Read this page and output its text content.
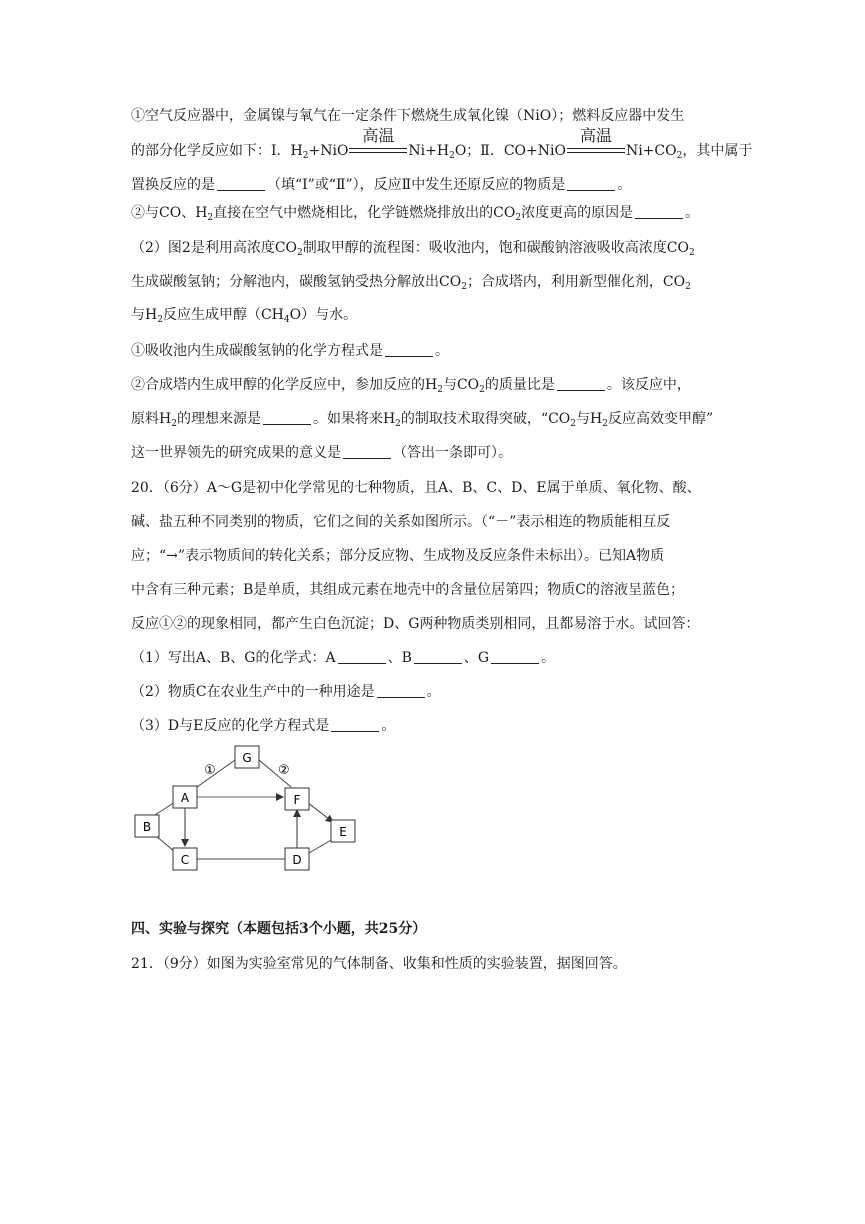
①空气反应器中，金属镍与氧气在一定条件下燃烧生成氧化镍（NiO）；燃料反应器中发生
的部分化学反应如下：Ⅰ．$H_2+NiO$
高温
$Ni+H_2O$；Ⅱ．CO+NiO
高温
$Ni+CO_2$，其中属于
置换反应的是	（填“Ⅰ”或“Ⅱ”），反应Ⅱ中发生还原反应的物质是	。
②与CO、$H_2$直接在空气中燃烧相比，化学链燃烧排放出的$CO_2$浓度更高的原因是	。
（2）图2是利用高浓度$CO_2$制取甲醇的流程图：吸收池内，饱和碳酸钠溶液吸收高浓度$CO_2$
生成碳酸氢钠；分解池内，碳酸氢钠受热分解放出$CO_2$；合成塔内，利用新型催化剂，$CO_2$
与$H_2$反应生成甲醇$(CH_4O)$与水。
①吸收池内生成碳酸氢钠的化学方程式是	。
②合成塔内生成甲醇的化学反应中，参加反应的$H_2$与$CO_2$的质量比是	。该反应中，
原料$H_2$的理想来源是	。如果将来$H_2$的制取技术取得突破，“$CO_2$与$H_2$反应高效变甲醇”
这一世界领先的研究成果的意义是	（答出一条即可）。
20．（6分）A～G是初中化学常见的七种物质，且A、B、C、D、E属于单质、氧化物、酸、
碱、盐五种不同类别的物质，它们之间的关系如图所示。（“－”表示相连的物质能相互反
应；“→”表示物质间的转化关系；部分反应物、生成物及反应条件未标出）。已知A物质
中含有三种元素；B是单质，其组成元素在地壳中的含量位居第四；物质C的溶液呈蓝色；
反应①②的现象相同，都产生白色沉淀；D、G两种物质类别相同，且都易溶于水。试回答：
（1）写出A、B、G的化学式：A	、B	、G	。
（2）物质C在农业生产中的一种用途是	。
（3）D与E反应的化学方程式是	。
G
A	F
B	E
C	D
①	②
四、实验与探究（本题包括3个小题，共25分）
21．（9分）如图为实验室常见的气体制备、收集和性质的实验装置，据图回答。
